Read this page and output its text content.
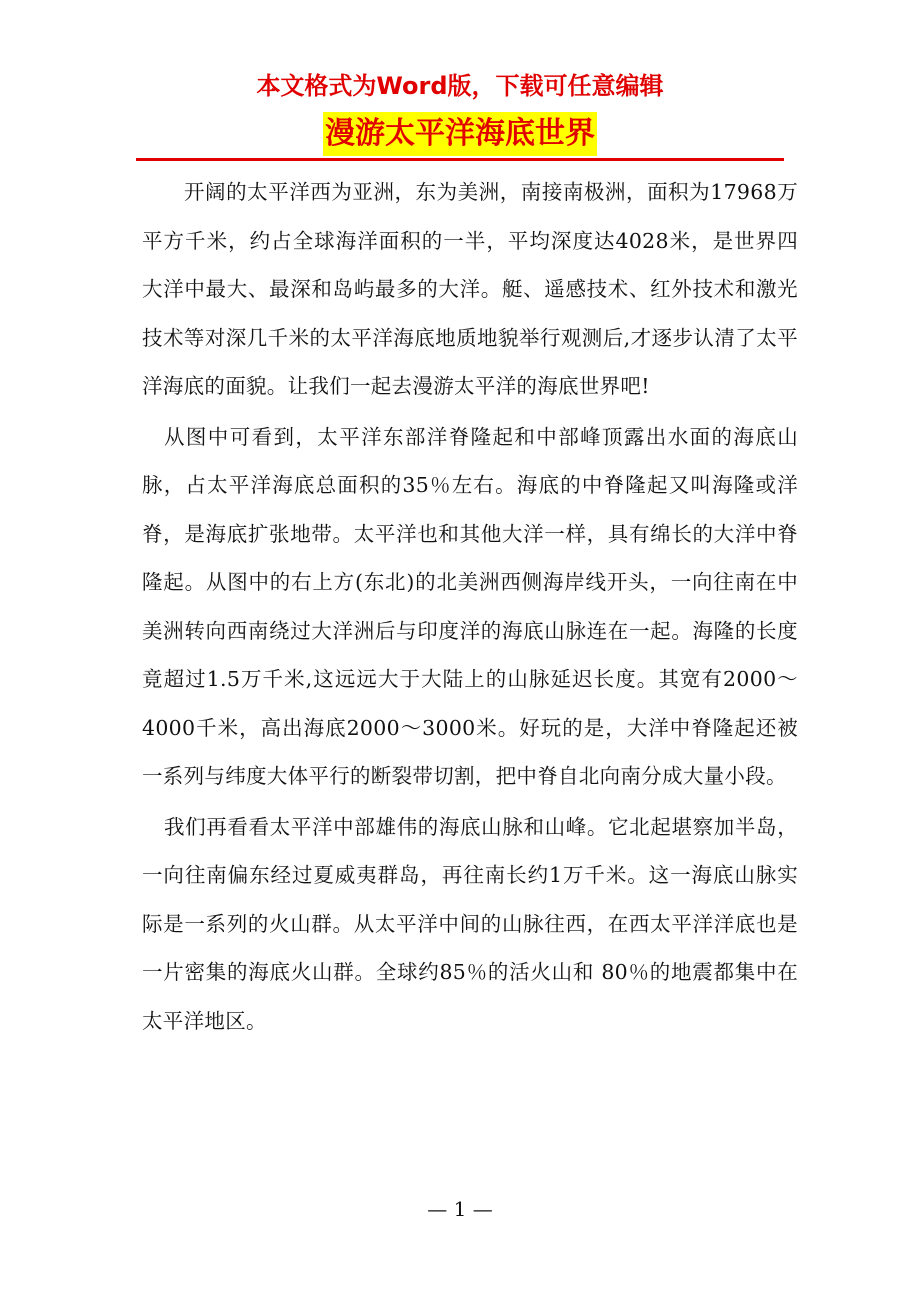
本文格式为Word版，下载可任意编辑
漫游太平洋海底世界

开阔的太平洋西为亚洲，东为美洲，南接南极洲，面积为17968万平方千米，约占全球海洋面积的一半，平均深度达4028米，是世界四大洋中最大、最深和岛屿最多的大洋。艇、遥感技术、红外技术和激光技术等对深几千米的太平洋海底地质地貌举行观测后,才逐步认清了太平洋海底的面貌。让我们一起去漫游太平洋的海底世界吧!

从图中可看到，太平洋东部洋脊隆起和中部峰顶露出水面的海底山脉，占太平洋海底总面积的35％左右。海底的中脊隆起又叫海隆或洋脊，是海底扩张地带。太平洋也和其他大洋一样，具有绵长的大洋中脊隆起。从图中的右上方(东北)的北美洲西侧海岸线开头，一向往南在中美洲转向西南绕过大洋洲后与印度洋的海底山脉连在一起。海隆的长度竟超过1.5万千米,这远远大于大陆上的山脉延迟长度。其宽有2000～4000千米，高出海底2000～3000米。好玩的是，大洋中脊隆起还被一系列与纬度大体平行的断裂带切割，把中脊自北向南分成大量小段。

我们再看看太平洋中部雄伟的海底山脉和山峰。它北起堪察加半岛，一向往南偏东经过夏威夷群岛，再往南长约1万千米。这一海底山脉实际是一系列的火山群。从太平洋中间的山脉往西，在西太平洋洋底也是一片密集的海底火山群。全球约85％的活火山和 80％的地震都集中在太平洋地区。

— 1 —
